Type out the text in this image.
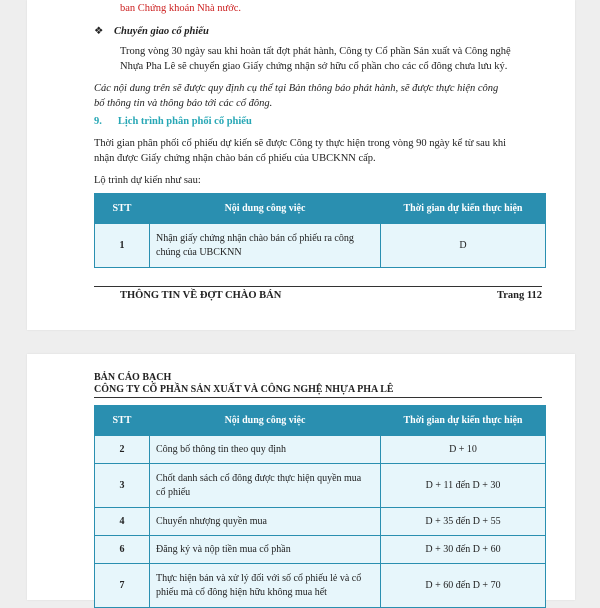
ban Chứng khoán Nhà nước.
❖ Chuyển giao cổ phiếu
Trong vòng 30 ngày sau khi hoàn tất đợt phát hành, Công ty Cổ phần Sản xuất và Công nghệ
Nhựa Pha Lê sẽ chuyển giao Giấy chứng nhận sở hữu cổ phần cho các cổ đông chưa lưu ký.
Các nội dung trên sẽ được quy định cụ thể tại Bản thông báo phát hành, sẽ được thực hiện công
bố thông tin và thông báo tới các cổ đông.
9. Lịch trình phân phối cổ phiếu
Thời gian phân phối cổ phiếu dự kiến sẽ được Công ty thực hiện trong vòng 90 ngày kể từ sau khi
nhận được Giấy chứng nhận chào bán cổ phiếu của UBCKNN cấp.
Lộ trình dự kiến như sau:
STT	Nội dung công việc	Thời gian dự kiến thực hiện
1	Nhận giấy chứng nhận chào bán cổ phiếu ra công
chúng của UBCKNN	D
THÔNG TIN VỀ ĐỢT CHÀO BÁN	Trang 112
BẢN CÁO BẠCH
CÔNG TY CỔ PHẦN SẢN XUẤT VÀ CÔNG NGHỆ NHỰA PHA LÊ
STT	Nội dung công việc	Thời gian dự kiến thực hiện
2	Công bố thông tin theo quy định	D + 10
3	Chốt danh sách cổ đông được thực hiện quyền mua
cổ phiếu	D + 11 đến D + 30
4	Chuyển nhượng quyền mua	D + 35 đến D + 55
6	Đăng ký và nộp tiền mua cổ phần	D + 30 đến D + 60
7	Thực hiện bán và xử lý đối với số cổ phiếu lẻ và cổ
phiếu mà cổ đông hiện hữu không mua hết	D + 60 đến D + 70
